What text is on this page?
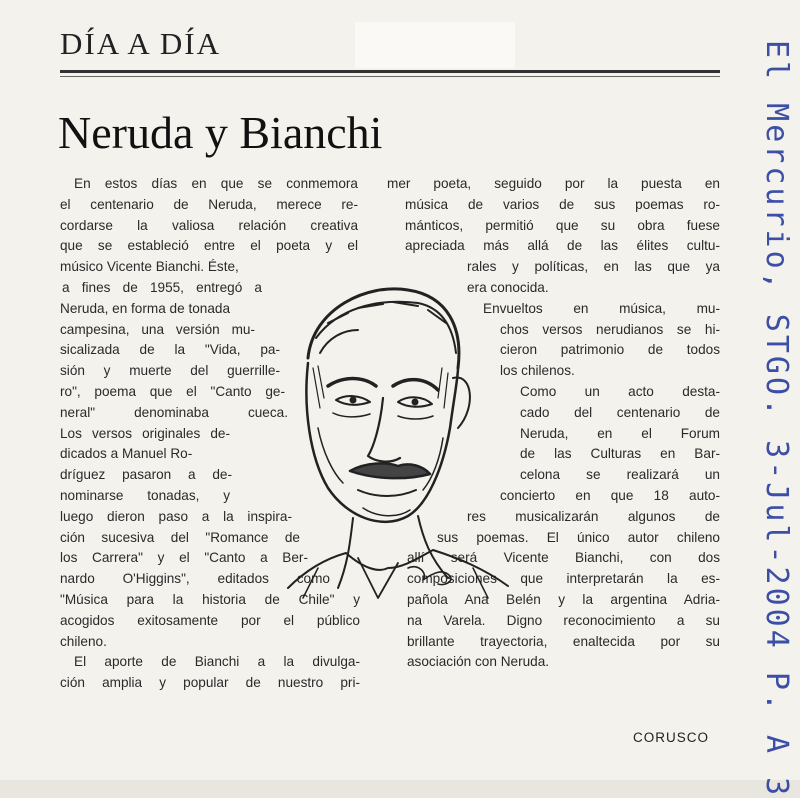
DÍA A DÍA
Neruda y Bianchi
En estos días en que se conmemora
el centenario de Neruda, merece re-
cordarse la valiosa relación creativa
que se estableció entre el poeta y el
músico Vicente Bianchi. Éste,
a fines de 1955, entregó a
Neruda, en forma de tonada
campesina, una versión mu-
sicalizada de la "Vida, pa-
sión y muerte del guerrille-
ro", poema que el "Canto ge-
neral" denominaba cueca.
Los versos originales de-
dicados a Manuel Ro-
dríguez pasaron a de-
nominarse tonadas, y
luego dieron paso a la inspira-
ción sucesiva del "Romance de
los Carrera" y el "Canto a Ber-
nardo O'Higgins", editados como
"Música para la historia de Chile" y
acogidos exitosamente por el público
chileno.
El aporte de Bianchi a la divulga-
ción amplia y popular de nuestro pri-
mer poeta, seguido por la puesta en
música de varios de sus poemas ro-
mánticos, permitió que su obra fuese
apreciada más allá de las élites cultu-
rales y políticas, en las que ya
era conocida.
Envueltos en música, mu-
chos versos nerudianos se hi-
cieron patrimonio de todos
los chilenos.
Como un acto desta-
cado del centenario de
Neruda, en el Forum
de las Culturas en Bar-
celona se realizará un
concierto en que 18 auto-
res musicalizarán algunos de
sus poemas. El único autor chileno
allí será Vicente Bianchi, con dos
composiciones que interpretarán la es-
pañola Ana Belén y la argentina Adria-
na Varela. Digno reconocimiento a su
brillante trayectoria, enaltecida por su
asociación con Neruda.
CORUSCO El Mercurio, STGO. 3-Jul-2004 P. A 3
